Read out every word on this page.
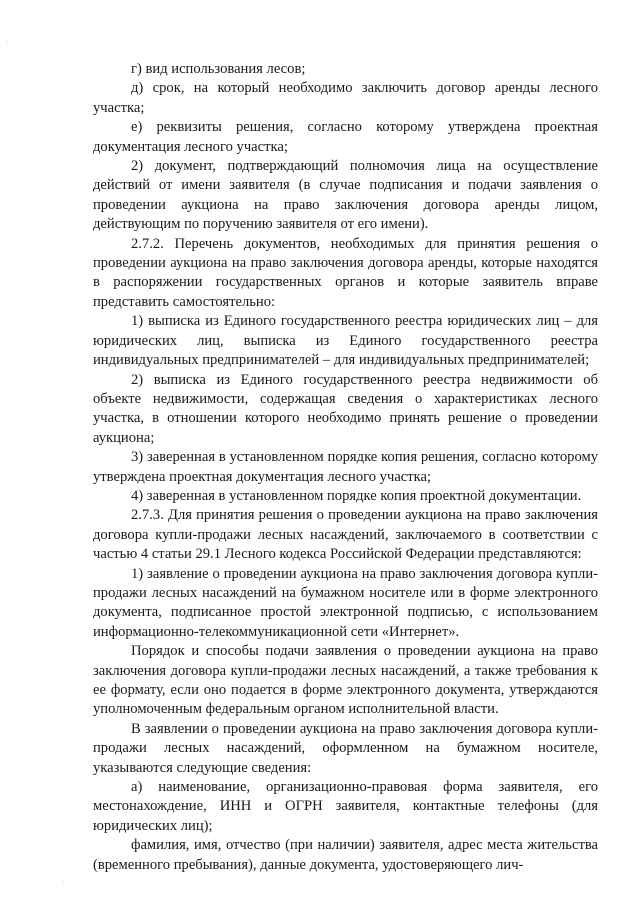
·
·

г) вид использования лесов;

д) срок, на который необходимо заключить договор аренды лесного участка;

е) реквизиты решения, согласно которому утверждена проектная документация лесного участка;

2) документ, подтверждающий полномочия лица на осуществление действий от имени заявителя (в случае подписания и подачи заявления о проведении аукциона на право заключения договора аренды лицом, действующим по поручению заявителя от его имени).

2.7.2. Перечень документов, необходимых для принятия решения о проведении аукциона на право заключения договора аренды, которые находятся в распоряжении государственных органов и которые заявитель вправе представить самостоятельно:

1) выписка из Единого государственного реестра юридических лиц – для юридических лиц, выписка из Единого государственного реестра индивидуальных предпринимателей – для индивидуальных предпринимателей;

2) выписка из Единого государственного реестра недвижимости об объекте недвижимости, содержащая сведения о характеристиках лесного участка, в отношении которого необходимо принять решение о проведении аукциона;

3) заверенная в установленном порядке копия решения, согласно которому утверждена проектная документация лесного участка;

4) заверенная в установленном порядке копия проектной документации.

2.7.3. Для принятия решения о проведении аукциона на право заключения договора купли-продажи лесных насаждений, заключаемого в соответствии с частью 4 статьи 29.1 Лесного кодекса Российской Федерации представляются:

1) заявление о проведении аукциона на право заключения договора купли-продажи лесных насаждений на бумажном носителе или в форме электронного документа, подписанное простой электронной подписью, с использованием информационно-телекоммуникационной сети «Интернет».

Порядок и способы подачи заявления о проведении аукциона на право заключения договора купли-продажи лесных насаждений, а также требования к ее формату, если оно подается в форме электронного документа, утверждаются уполномоченным федеральным органом исполнительной власти.

В заявлении о проведении аукциона на право заключения договора купли-продажи лесных насаждений, оформленном на бумажном носителе, указываются следующие сведения:

а) наименование, организационно-правовая форма заявителя, его местонахождение, ИНН и ОГРН заявителя, контактные телефоны (для юридических лиц);

фамилия, имя, отчество (при наличии) заявителя, адрес места жительства (временного пребывания), данные документа, удостоверяющего лич-
